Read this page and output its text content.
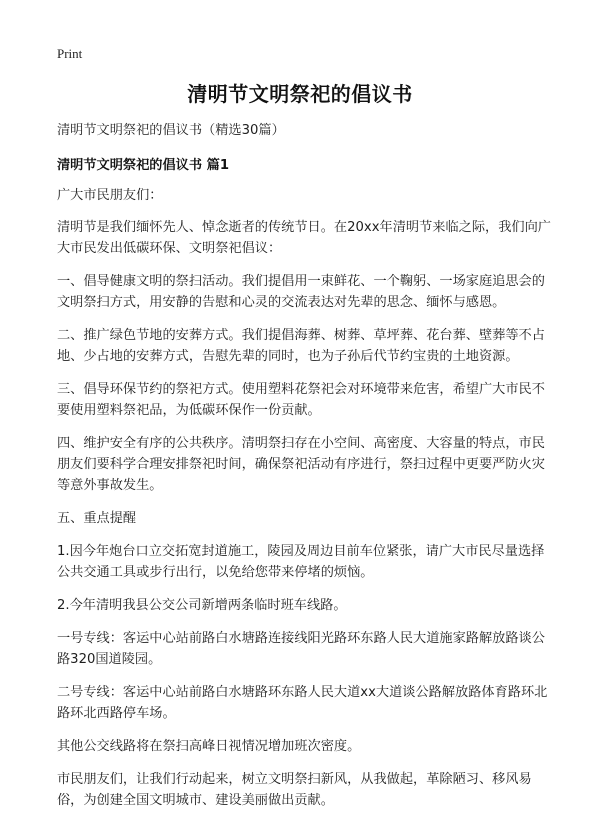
Print
清明节文明祭祀的倡议书

清明节文明祭祀的倡议书（精选30篇）

清明节文明祭祀的倡议书 篇1

广大市民朋友们：

清明节是我们缅怀先人、悼念逝者的传统节日。在20xx年清明节来临之际，我们向广大市民发出低碳环保、文明祭祀倡议：

一、倡导健康文明的祭扫活动。我们提倡用一束鲜花、一个鞠躬、一场家庭追思会的文明祭扫方式，用安静的告慰和心灵的交流表达对先辈的思念、缅怀与感恩。

二、推广绿色节地的安葬方式。我们提倡海葬、树葬、草坪葬、花台葬、壁葬等不占地、少占地的安葬方式，告慰先辈的同时，也为子孙后代节约宝贵的土地资源。

三、倡导环保节约的祭祀方式。使用塑料花祭祀会对环境带来危害，希望广大市民不要使用塑料祭祀品，为低碳环保作一份贡献。

四、维护安全有序的公共秩序。清明祭扫存在小空间、高密度、大容量的特点，市民朋友们要科学合理安排祭祀时间，确保祭祀活动有序进行，祭扫过程中更要严防火灾等意外事故发生。

五、重点提醒

1.因今年炮台口立交拓宽封道施工，陵园及周边目前车位紧张，请广大市民尽量选择公共交通工具或步行出行，以免给您带来停堵的烦恼。

2.今年清明我县公交公司新增两条临时班车线路。

一号专线：客运中心站前路白水塘路连接线阳光路环东路人民大道施家路解放路谈公路320国道陵园。

二号专线：客运中心站前路白水塘路环东路人民大道xx大道谈公路解放路体育路环北路环北西路停车场。

其他公交线路将在祭扫高峰日视情况增加班次密度。

市民朋友们，让我们行动起来，树立文明祭扫新风，从我做起，革除陋习、移风易俗，为创建全国文明城市、建设美丽做出贡献。
